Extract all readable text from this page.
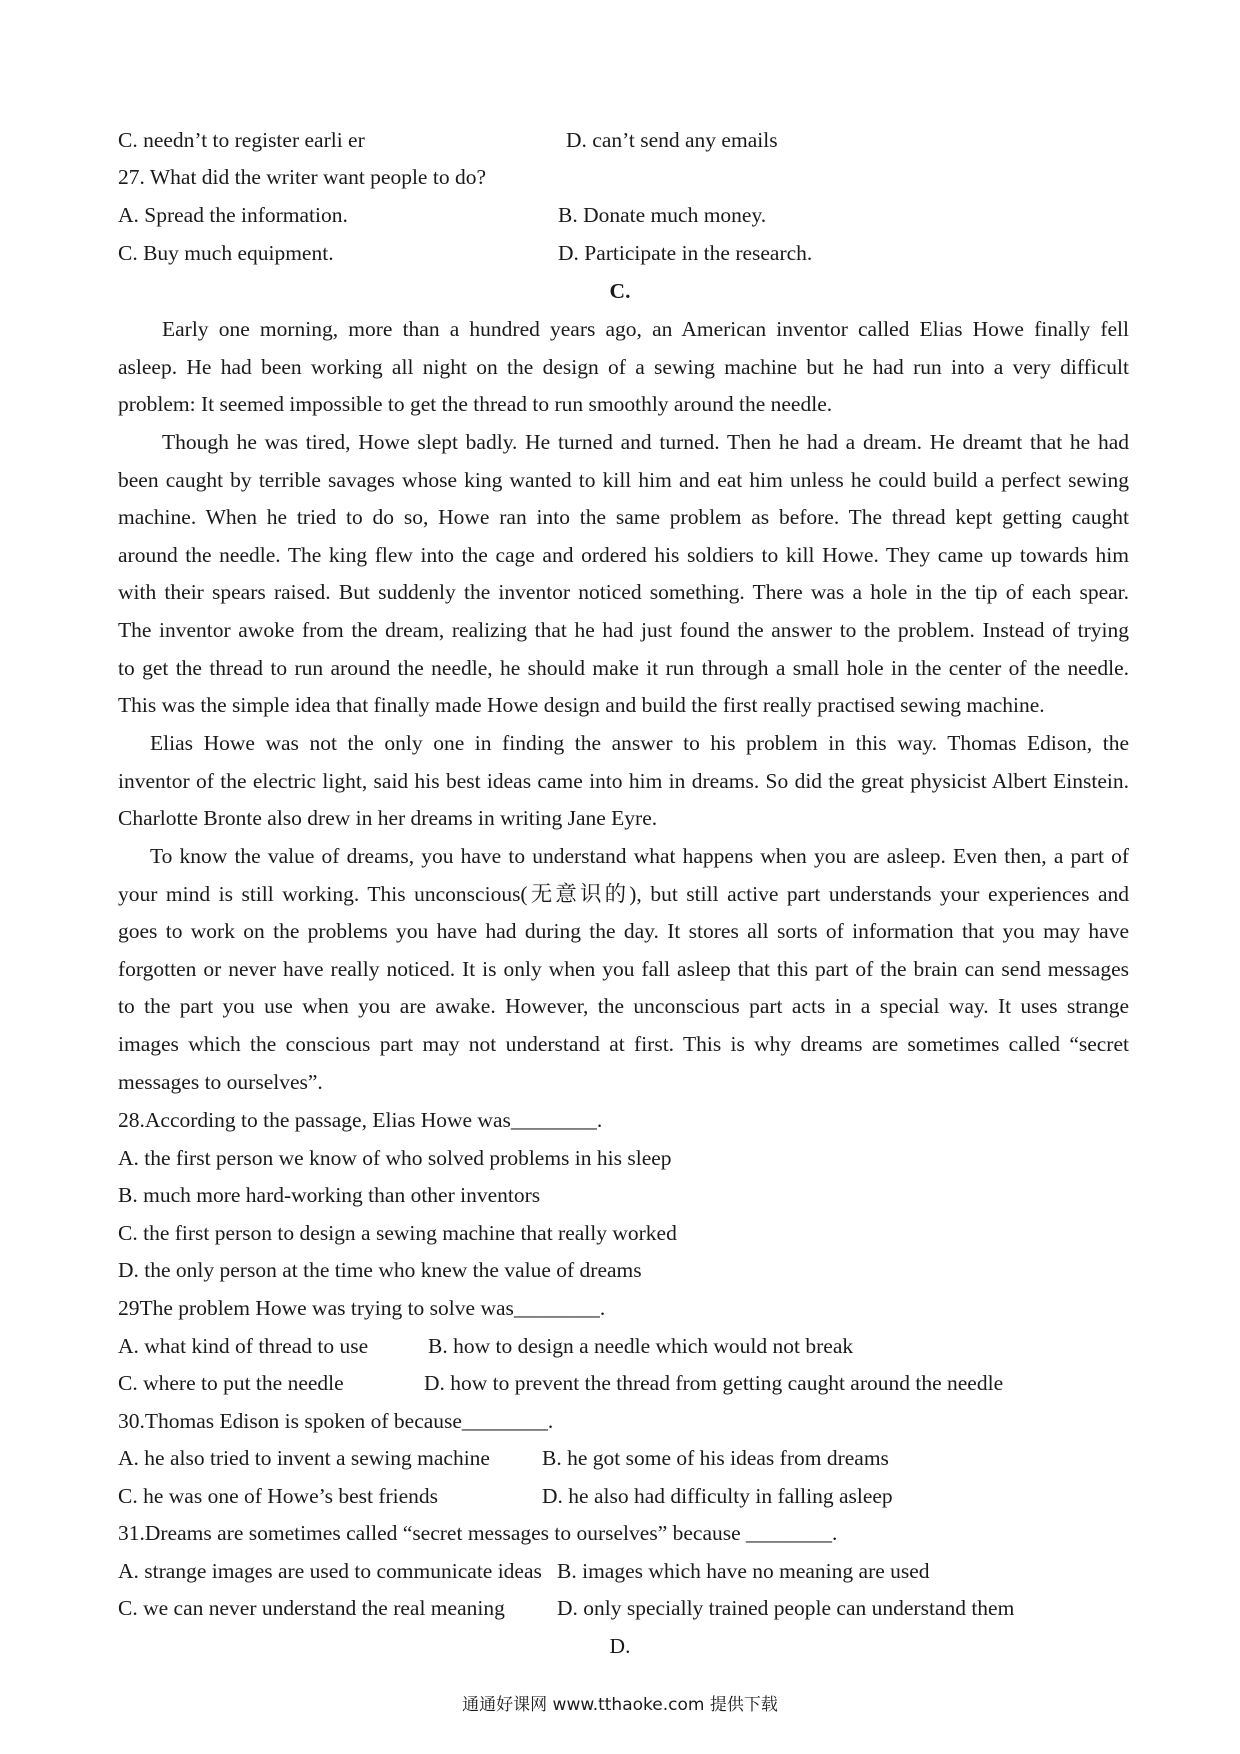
C. needn’t to register earli er	D. can’t send any emails
27. What did the writer want people to do?
A. Spread the information.	B. Donate much money.
C. Buy much equipment.	D. Participate in the research.
C.
Early one morning, more than a hundred years ago, an American inventor called Elias Howe finally fell
asleep. He had been working all night on the design of a sewing machine but he had run into a very difficult
problem: It seemed impossible to get the thread to run smoothly around the needle.
Though he was tired, Howe slept badly. He turned and turned. Then he had a dream. He dreamt that he had
been caught by terrible savages whose king wanted to kill him and eat him unless he could build a perfect sewing
machine. When he tried to do so, Howe ran into the same problem as before. The thread kept getting caught
around the needle. The king flew into the cage and ordered his soldiers to kill Howe. They came up towards him
with their spears raised. But suddenly the inventor noticed something. There was a hole in the tip of each spear.
The inventor awoke from the dream, realizing that he had just found the answer to the problem. Instead of trying
to get the thread to run around the needle, he should make it run through a small hole in the center of the needle.
This was the simple idea that finally made Howe design and build the first really practised sewing machine.
Elias Howe was not the only one in finding the answer to his problem in this way. Thomas Edison, the
inventor of the electric light, said his best ideas came into him in dreams. So did the great physicist Albert Einstein.
Charlotte Bronte also drew in her dreams in writing Jane Eyre.
To know the value of dreams, you have to understand what happens when you are asleep. Even then, a part of
your mind is still working. This unconscious(无意识的), but still active part understands your experiences and
goes to work on the problems you have had during the day. It stores all sorts of information that you may have
forgotten or never have really noticed. It is only when you fall asleep that this part of the brain can send messages
to the part you use when you are awake. However, the unconscious part acts in a special way. It uses strange
images which the conscious part may not understand at first. This is why dreams are sometimes called “secret
messages to ourselves”.
28.According to the passage, Elias Howe was________.
A. the first person we know of who solved problems in his sleep
B. much more hard-working than other inventors
C. the first person to design a sewing machine that really worked
D. the only person at the time who knew the value of dreams
29The problem Howe was trying to solve was________.
A. what kind of thread to use	B. how to design a needle which would not break
C. where to put the needle	D. how to prevent the thread from getting caught around the needle
30.Thomas Edison is spoken of because________.
A. he also tried to invent a sewing machine B. he got some of his ideas from dreams
C. he was one of Howe’s best friends	D. he also had difficulty in falling asleep
31.Dreams are sometimes called “secret messages to ourselves” because ________.
A. strange images are used to communicate ideas B. images which have no meaning are used
C. we can never understand the real meaning D. only specially trained people can understand them
D.
通通好课网 www.tthaoke.com 提供下载
